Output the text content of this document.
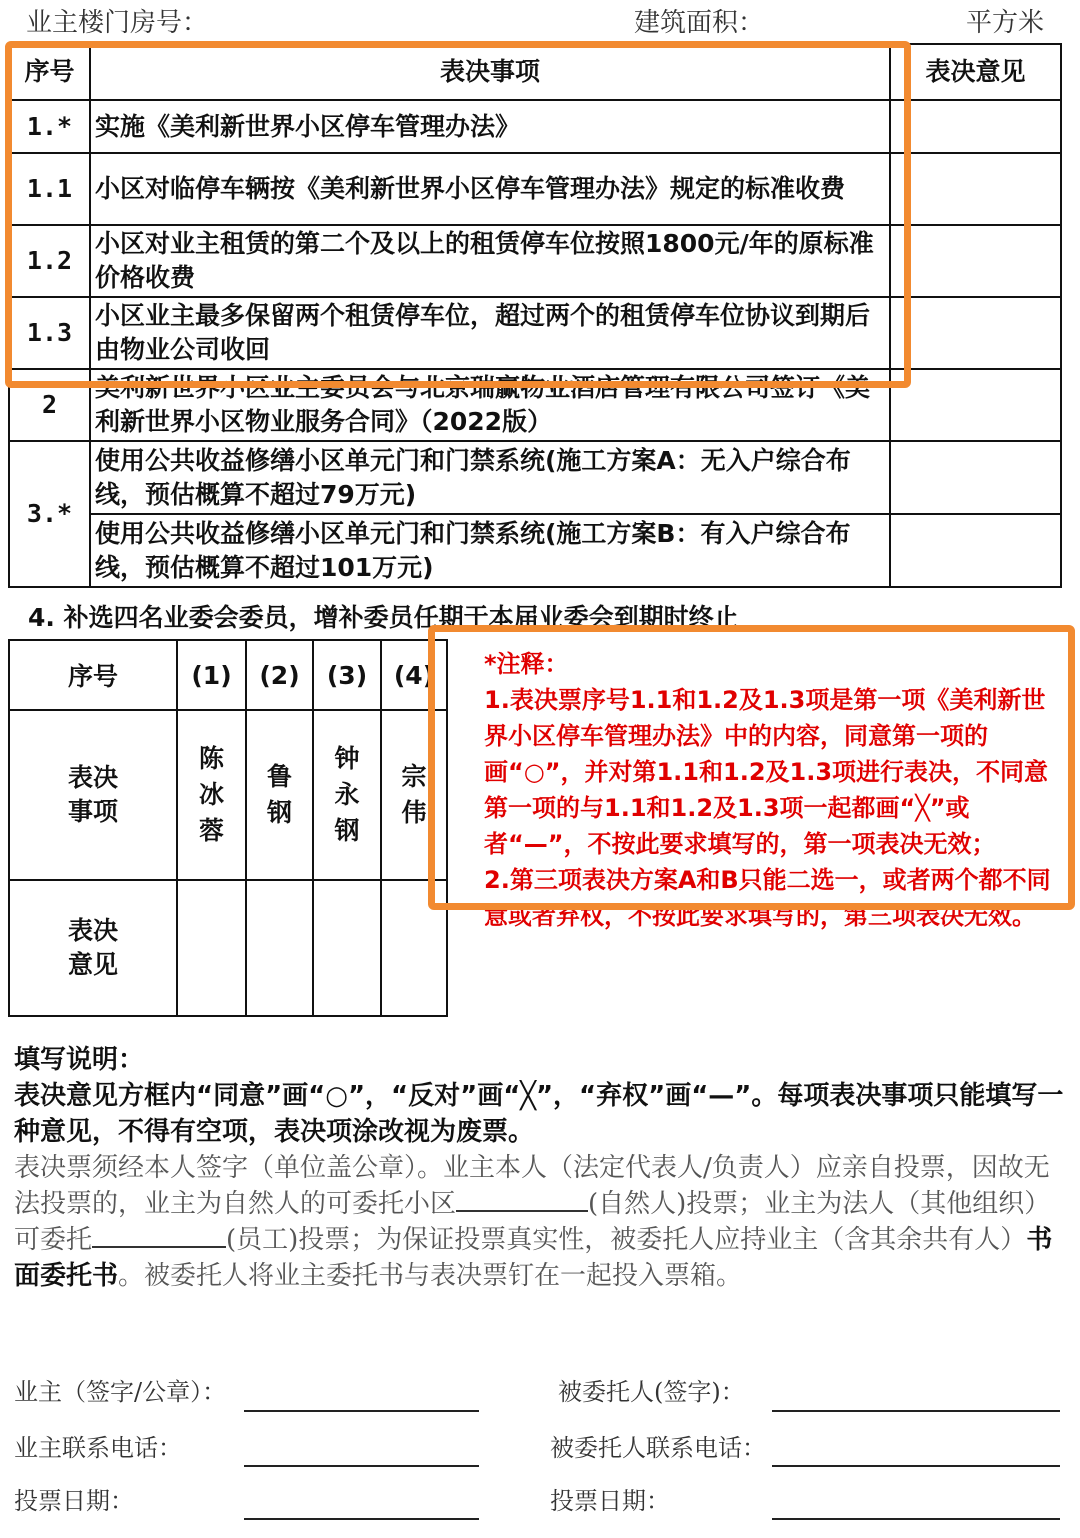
业主楼门房号：	建筑面积：	平方米
序号	表决事项	表决意见
1.*	实施《美利新世界小区停车管理办法》	
1.1	小区对临停车辆按《美利新世界小区停车管理办法》规定的标准收费	
1.2	小区对业主租赁的第二个及以上的租赁停车位按照1800元/年的原标准价格收费	
1.3	小区业主最多保留两个租赁停车位，超过两个的租赁停车位协议到期后由物业公司收回	
2	美利新世界小区业主委员会与北京瑞赢物业酒店管理有限公司签订《美利新世界小区物业服务合同》（2022版）	
3.*	使用公共收益修缮小区单元门和门禁系统(施工方案A：无入户综合布线，预估概算不超过79万元)	
	使用公共收益修缮小区单元门和门禁系统(施工方案B：有入户综合布线，预估概算不超过101万元)	
4. 补选四名业委会委员，增补委员任期于本届业委会到期时终止
序号	(1)	(2)	(3)	(4)
表决事项	陈冰蓉	鲁钢	钟永钢	宗伟
表决意见				

*注释：

1.表决票序号1.1和1.2及1.3项是第一项《美利新世界小区停车管理办法》中的内容，同意第一项的画“○”，并对第1.1和1.2及1.3项进行表决，不同意第一项的与1.1和1.2及1.3项一起都画“╳”或者“—”，不按此要求填写的，第一项表决无效；

2.第三项表决方案A和B只能二选一，或者两个都不同意或者弃权，不按此要求填写的，第三项表决无效。

填写说明：
表决意见方框内“同意”画“○”，“反对”画“╳”，“弃权”画“—”。每项表决事项只能填写一种意见，不得有空项，表决项涂改视为废票。
表决票须经本人签字（单位盖公章）。业主本人（法定代表人/负责人）应亲自投票，因故无法投票的，业主为自然人的可委托小区	(自然人)投票；业主为法人（其他组织）可委托	(员工)投票；为保证投票真实性，被委托人应持业主（含其余共有人）书面委托书。被委托人将业主委托书与表决票钉在一起投入票箱。
业主（签字/公章）：	被委托人(签字)：
业主联系电话：	被委托人联系电话：
投票日期：	投票日期：
